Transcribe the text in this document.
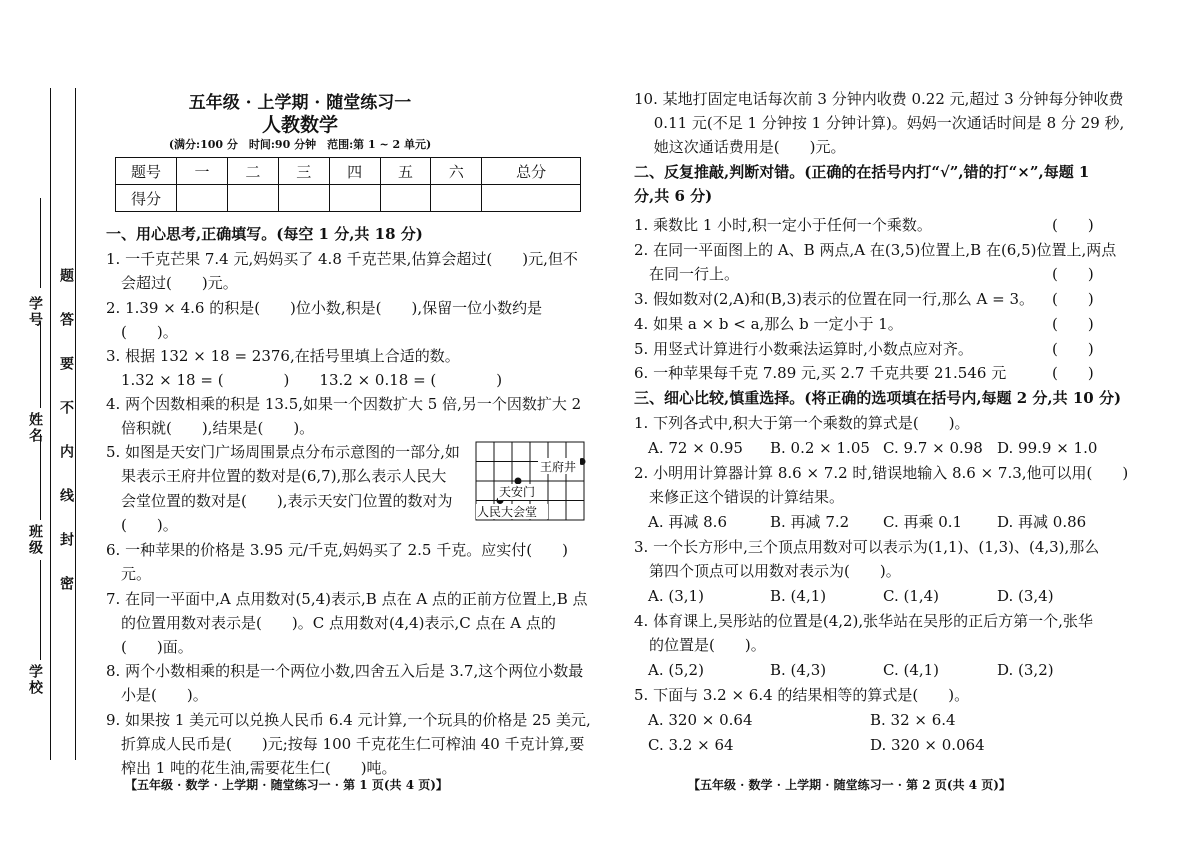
学号
姓名
班级
学校
题
答
要
不
内
线
封
密
五年级 · 上学期 · 随堂练习一
人教数学
(满分:100 分　时间:90 分钟　范围:第 1 ~ 2 单元)
题号	一	二	三	四	五	六	总分
得分							
一、用心思考,正确填写。(每空 1 分,共 18 分)
1. 一千克芒果 7.4 元,妈妈买了 4.8 千克芒果,估算会超过(　　)元,但不
　会超过(　　)元。
2. 1.39 × 4.6 的积是(　　)位小数,积是(　　),保留一位小数约是
　(　　)。
3. 根据 132 × 18 = 2376,在括号里填上合适的数。
　1.32 × 18 = (　　　　)　　13.2 × 0.18 = (　　　　)
4. 两个因数相乘的积是 13.5,如果一个因数扩大 5 倍,另一个因数扩大 2
　倍积就(　　),结果是(　　)。
5. 如图是天安门广场周围景点分布示意图的一部分,如
　果表示王府井位置的数对是(6,7),那么表示人民大
　会堂位置的数对是(　　),表示天安门位置的数对为
　(　　)。
6. 一种苹果的价格是 3.95 元/千克,妈妈买了 2.5 千克。应实付(　　)
　元。
7. 在同一平面中,A 点用数对(5,4)表示,B 点在 A 点的正前方位置上,B 点
　的位置用数对表示是(　　)。C 点用数对(4,4)表示,C 点在 A 点的
　(　　)面。
8. 两个小数相乘的积是一个两位小数,四舍五入后是 3.7,这个两位小数最
　小是(　　)。
9. 如果按 1 美元可以兑换人民币 6.4 元计算,一个玩具的价格是 25 美元,
　折算成人民币是(　　)元;按每 100 千克花生仁可榨油 40 千克计算,要
　榨出 1 吨的花生油,需要花生仁(　　)吨。
王府井
天安门
人民大会堂
【五年级 · 数学 · 上学期 · 随堂练习一 · 第 1 页(共 4 页)】
10. 某地打固定电话每次前 3 分钟内收费 0.22 元,超过 3 分钟每分钟收费
　 0.11 元(不足 1 分钟按 1 分钟计算)。妈妈一次通话时间是 8 分 29 秒,
　 她这次通话费用是(　　)元。
二、反复推敲,判断对错。(正确的在括号内打“√”,错的打“×”,每题 1
分,共 6 分)
1. 乘数比 1 小时,积一定小于任何一个乘数。	(　　)
2. 在同一平面图上的 A、B 两点,A 在(3,5)位置上,B 在(6,5)位置上,两点
　在同一行上。	(　　)
3. 假如数对(2,A)和(B,3)表示的位置在同一行,那么 A = 3。	(　　)
4. 如果 a × b < a,那么 b 一定小于 1。	(　　)
5. 用竖式计算进行小数乘法运算时,小数点应对齐。	(　　)
6. 一种苹果每千克 7.89 元,买 2.7 千克共要 21.546 元	(　　)
三、细心比较,慎重选择。(将正确的选项填在括号内,每题 2 分,共 10 分)
1. 下列各式中,积大于第一个乘数的算式是(　　)。
A. 72 × 0.95 B. 0.2 × 1.05 C. 9.7 × 0.98 D. 99.9 × 1.0
2. 小明用计算器计算 8.6 × 7.2 时,错误地输入 8.6 × 7.3,他可以用(　　)
　来修正这个错误的计算结果。
A. 再减 8.6	B. 再减 7.2 C. 再乘 0.1 D. 再减 0.86
3. 一个长方形中,三个顶点用数对可以表示为(1,1)、(1,3)、(4,3),那么
　第四个顶点可以用数对表示为(　　)。
A. (3,1)	B. (4,1)	C. (1,4)	D. (3,4)
4. 体育课上,吴彤站的位置是(4,2),张华站在吴彤的正后方第一个,张华
　的位置是(　　)。
A. (5,2)	B. (4,3)	C. (4,1)	D. (3,2)
5. 下面与 3.2 × 6.4 的结果相等的算式是(　　)。
A. 320 × 0.64	B. 32 × 6.4
C. 3.2 × 64	D. 320 × 0.064
【五年级 · 数学 · 上学期 · 随堂练习一 · 第 2 页(共 4 页)】
